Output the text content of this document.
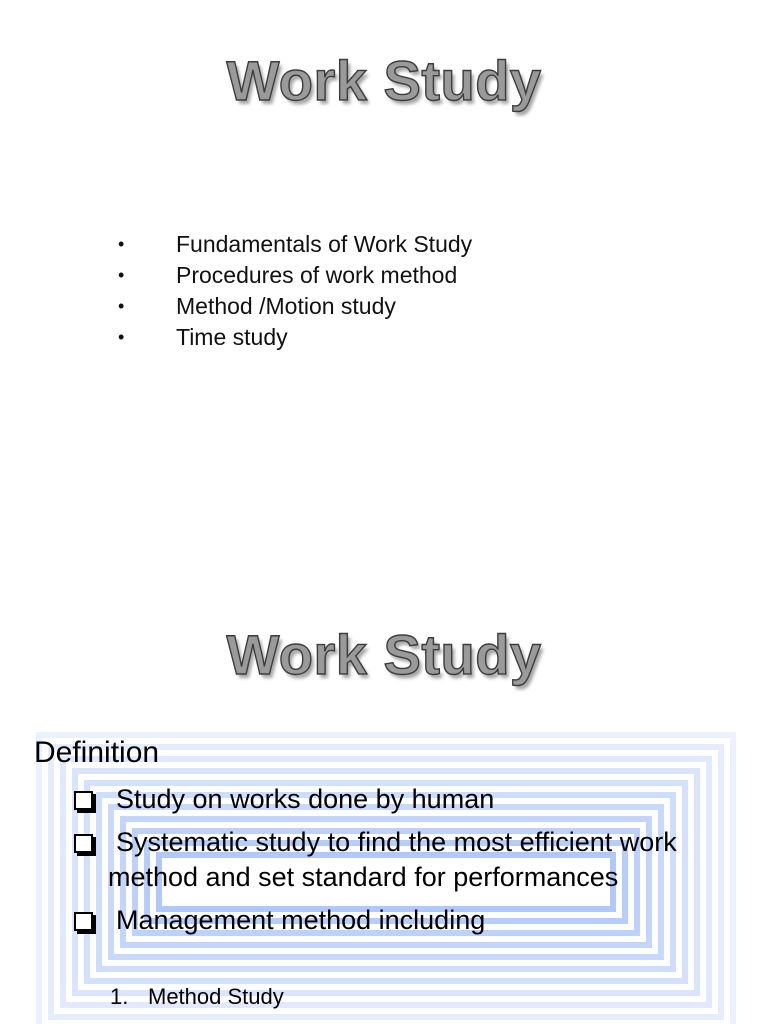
Work Study
• Fundamentals of Work Study
• Procedures of work method
• Method /Motion study
• Time study
Work Study
Definition
Study on works done by human
Systematic study to find the most efficient work method and set standard for performances
Management method including
1. Method Study
